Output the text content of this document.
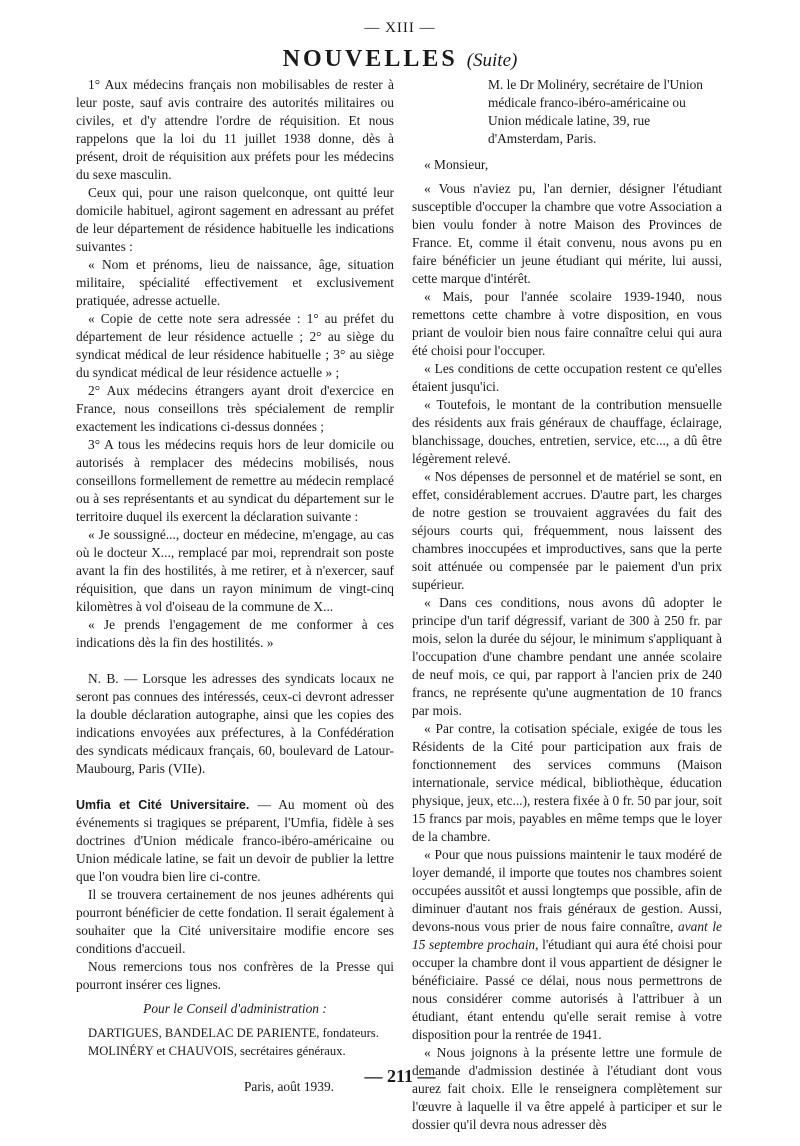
— XIII —
NOUVELLES (Suite)

1° Aux médecins français non mobilisables de rester à leur poste, sauf avis contraire des autorités militaires ou civiles, et d'y attendre l'ordre de réquisition. Et nous rappelons que la loi du 11 juillet 1938 donne, dès à présent, droit de réquisition aux préfets pour les médecins du sexe masculin.

Ceux qui, pour une raison quelconque, ont quitté leur domicile habituel, agiront sagement en adressant au préfet de leur département de résidence habituelle les indications suivantes :

« Nom et prénoms, lieu de naissance, âge, situation militaire, spécialité effectivement et exclusivement pratiquée, adresse actuelle.

« Copie de cette note sera adressée : 1° au préfet du département de leur résidence actuelle ; 2° au siège du syndicat médical de leur résidence habituelle ; 3° au siège du syndicat médical de leur résidence actuelle » ;

2° Aux médecins étrangers ayant droit d'exercice en France, nous conseillons très spécialement de remplir exactement les indications ci-dessus données ;

3° A tous les médecins requis hors de leur domicile ou autorisés à remplacer des médecins mobilisés, nous conseillons formellement de remettre au médecin remplacé ou à ses représentants et au syndicat du département sur le territoire duquel ils exercent la déclaration suivante :

« Je soussigné..., docteur en médecine, m'engage, au cas où le docteur X..., remplacé par moi, reprendrait son poste avant la fin des hostilités, à me retirer, et à n'exercer, sauf réquisition, que dans un rayon minimum de vingt-cinq kilomètres à vol d'oiseau de la commune de X...

« Je prends l'engagement de me conformer à ces indications dès la fin des hostilités. »

N. B. — Lorsque les adresses des syndicats locaux ne seront pas connues des intéressés, ceux-ci devront adresser la double déclaration autographe, ainsi que les copies des indications envoyées aux préfectures, à la Confédération des syndicats médicaux français, 60, boulevard de Latour-Maubourg, Paris (VIIe).

Umfia et Cité Universitaire. — Au moment où des événements si tragiques se préparent, l'Umfia, fidèle à ses doctrines d'Union médicale franco-ibéro-américaine ou Union médicale latine, se fait un devoir de publier la lettre que l'on voudra bien lire ci-contre.

Il se trouvera certainement de nos jeunes adhérents qui pourront bénéficier de cette fondation. Il serait également à souhaiter que la Cité universitaire modifie encore ses conditions d'accueil.

Nous remercions tous nos confrères de la Presse qui pourront insérer ces lignes.

Pour le Conseil d'administration :

DARTIGUES, BANDELAC DE PARIENTE, fondateurs.

MOLINÉRY et CHAUVOIS, secrétaires généraux.

Paris, août 1939.

M. le Dr Molinéry, secrétaire de l'Union médicale franco-ibéro-américaine ou Union médicale latine, 39, rue d'Amsterdam, Paris.

« Monsieur,

« Vous n'aviez pu, l'an dernier, désigner l'étudiant susceptible d'occuper la chambre que votre Association a bien voulu fonder à notre Maison des Provinces de France. Et, comme il était convenu, nous avons pu en faire bénéficier un jeune étudiant qui mérite, lui aussi, cette marque d'intérêt.

« Mais, pour l'année scolaire 1939-1940, nous remettons cette chambre à votre disposition, en vous priant de vouloir bien nous faire connaître celui qui aura été choisi pour l'occuper.

« Les conditions de cette occupation restent ce qu'elles étaient jusqu'ici.

« Toutefois, le montant de la contribution mensuelle des résidents aux frais généraux de chauffage, éclairage, blanchissage, douches, entretien, service, etc..., a dû être légèrement relevé.

« Nos dépenses de personnel et de matériel se sont, en effet, considérablement accrues. D'autre part, les charges de notre gestion se trouvaient aggravées du fait des séjours courts qui, fréquemment, nous laissent des chambres inoccupées et improductives, sans que la perte soit atténuée ou compensée par le paiement d'un prix supérieur.

« Dans ces conditions, nous avons dû adopter le principe d'un tarif dégressif, variant de 300 à 250 fr. par mois, selon la durée du séjour, le minimum s'appliquant à l'occupation d'une chambre pendant une année scolaire de neuf mois, ce qui, par rapport à l'ancien prix de 240 francs, ne représente qu'une augmentation de 10 francs par mois.

« Par contre, la cotisation spéciale, exigée de tous les Résidents de la Cité pour participation aux frais de fonctionnement des services communs (Maison internationale, service médical, bibliothèque, éducation physique, jeux, etc...), restera fixée à 0 fr. 50 par jour, soit 15 francs par mois, payables en même temps que le loyer de la chambre.

« Pour que nous puissions maintenir le taux modéré de loyer demandé, il importe que toutes nos chambres soient occupées aussitôt et aussi longtemps que possible, afin de diminuer d'autant nos frais généraux de gestion. Aussi, devons-nous vous prier de nous faire connaître, avant le 15 septembre prochain, l'étudiant qui aura été choisi pour occuper la chambre dont il vous appartient de désigner le bénéficiaire. Passé ce délai, nous nous permettrons de nous considérer comme autorisés à l'attribuer à un étudiant, étant entendu qu'elle serait remise à votre disposition pour la rentrée de 1941.

« Nous joignons à la présente lettre une formule de demande d'admission destinée à l'étudiant dont vous aurez fait choix. Elle le renseignera complètement sur l'œuvre à laquelle il va être appelé à participer et sur le dossier qu'il devra nous adresser dès

— 211 —
